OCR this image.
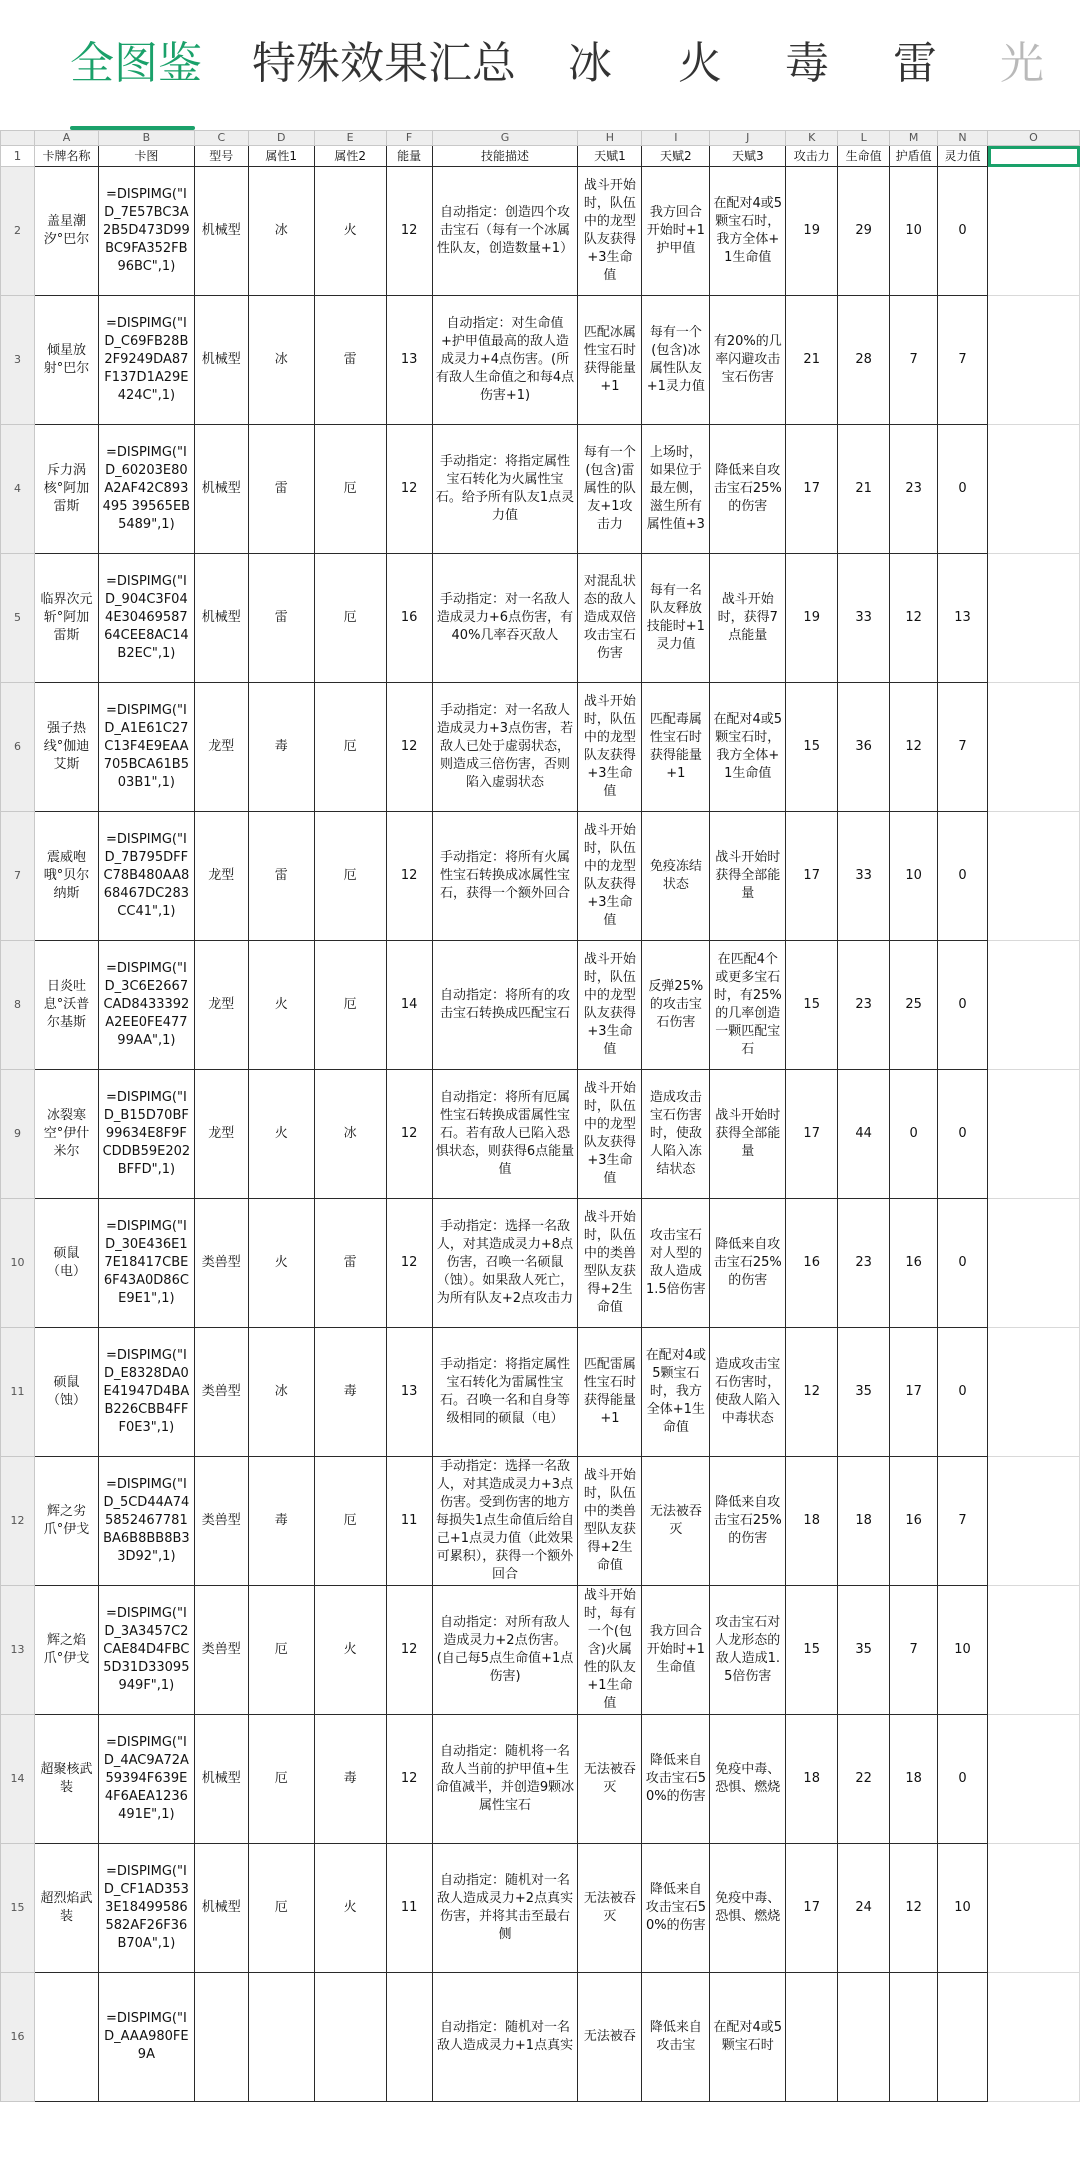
全图鉴 特殊效果汇总 冰 火 毒 雷 光
	A	B	C	D	E	F	G	H	I	J	K	L	M	N	O
1	卡牌名称	卡图	型号	属性1	属性2	能量	技能描述	天赋1	天赋2	天赋3	攻击力	生命值	护盾值	灵力值	
2	盖星潮汐°巴尔	=DISPIMG("ID_7E57BC3A2B5D473D99BC9FA352FB96BC",1)	机械型	冰	火	12	自动指定：创造四个攻击宝石（每有一个冰属性队友，创造数量+1）	战斗开始时，队伍中的龙型队友获得+3生命值	我方回合开始时+1护甲值	在配对4或5颗宝石时，我方全体+1生命值	19	29	10	0	
3	倾星放射°巴尔	=DISPIMG("ID_C69FB28B2F9249DA87F137D1A29E424C",1)	机械型	冰	雷	13	自动指定：对生命值+护甲值最高的敌人造成灵力+4点伤害。(所有敌人生命值之和每4点伤害+1)	匹配冰属性宝石时获得能量+1	每有一个(包含)冰属性队友+1灵力值	有20%的几率闪避攻击宝石伤害	21	28	7	7	
4	斥力涡核°阿加雷斯	=DISPIMG("ID_60203E80A2AF42C893495 39565EB5489",1)	机械型	雷	厄	12	手动指定：将指定属性宝石转化为火属性宝石。给予所有队友1点灵力值	每有一个(包含)雷属性的队友+1攻击力	上场时，如果位于最左侧，滋生所有属性值+3	降低来自攻击宝石25%的伤害	17	21	23	0	
5	临界次元斩°阿加雷斯	=DISPIMG("ID_904C3F044E3046958764CEE8AC14B2EC",1)	机械型	雷	厄	16	手动指定：对一名敌人造成灵力+6点伤害，有40%几率吞灭敌人	对混乱状态的敌人造成双倍攻击宝石伤害	每有一名队友释放技能时+1灵力值	战斗开始时，获得7点能量	19	33	12	13	
6	强子热线°伽迪艾斯	=DISPIMG("ID_A1E61C27C13F4E9EAA705BCA61B503B1",1)	龙型	毒	厄	12	手动指定：对一名敌人造成灵力+3点伤害，若敌人已处于虚弱状态，则造成三倍伤害，否则陷入虚弱状态	战斗开始时，队伍中的龙型队友获得+3生命值	匹配毒属性宝石时获得能量+1	在配对4或5颗宝石时，我方全体+1生命值	15	36	12	7	
7	震威咆哦°贝尔纳斯	=DISPIMG("ID_7B795DFFC78B480AA868467DC283CC41",1)	龙型	雷	厄	12	手动指定：将所有火属性宝石转换成冰属性宝石，获得一个额外回合	战斗开始时，队伍中的龙型队友获得+3生命值	免疫冻结状态	战斗开始时获得全部能量	17	33	10	0	
8	日炎吐息°沃普尔基斯	=DISPIMG("ID_3C6E2667CAD8433392A2EE0FE47799AA",1)	龙型	火	厄	14	自动指定：将所有的攻击宝石转换成匹配宝石	战斗开始时，队伍中的龙型队友获得+3生命值	反弹25%的攻击宝石伤害	在匹配4个或更多宝石时，有25%的几率创造一颗匹配宝石	15	23	25	0	
9	冰裂寒空°伊什米尔	=DISPIMG("ID_B15D70BF99634E8F9FCDDB59E202BFFD",1)	龙型	火	冰	12	自动指定：将所有厄属性宝石转换成雷属性宝石。若有敌人已陷入恐惧状态，则获得6点能量值	战斗开始时，队伍中的龙型队友获得+3生命值	造成攻击宝石伤害时，使敌人陷入冻结状态	战斗开始时获得全部能量	17	44	0	0	
10	硕鼠（电）	=DISPIMG("ID_30E436E17E18417CBE6F43A0D86CE9E1",1)	类兽型	火	雷	12	手动指定：选择一名敌人，对其造成灵力+8点伤害，召唤一名硕鼠（蚀）。如果敌人死亡，为所有队友+2点攻击力	战斗开始时，队伍中的类兽型队友获得+2生命值	攻击宝石对人型的敌人造成1.5倍伤害	降低来自攻击宝石25%的伤害	16	23	16	0	
11	硕鼠（蚀）	=DISPIMG("ID_E8328DA0E41947D4BAB226CBB4FFF0E3",1)	类兽型	冰	毒	13	手动指定：将指定属性宝石转化为雷属性宝石。召唤一名和自身等级相同的硕鼠（电）	匹配雷属性宝石时获得能量+1	在配对4或5颗宝石时，我方全体+1生命值	造成攻击宝石伤害时，使敌人陷入中毒状态	12	35	17	0	
12	辉之劣爪°伊戈	=DISPIMG("ID_5CD44A745852467781BA6B8BB8B33D92",1)	类兽型	毒	厄	11	手动指定：选择一名敌人，对其造成灵力+3点伤害。受到伤害的地方每损失1点生命值后给自己+1点灵力值（此效果可累积），获得一个额外回合	战斗开始时，队伍中的类兽型队友获得+2生命值	无法被吞灭	降低来自攻击宝石25%的伤害	18	18	16	7	
13	辉之焰爪°伊戈	=DISPIMG("ID_3A3457C2CAE84D4FBC5D31D33095949F",1)	类兽型	厄	火	12	自动指定：对所有敌人造成灵力+2点伤害。(自己每5点生命值+1点伤害)	战斗开始时，每有一个(包含)火属性的队友+1生命值	我方回合开始时+1生命值	攻击宝石对人龙形态的敌人造成1.5倍伤害	15	35	7	10	
14	超聚核武装	=DISPIMG("ID_4AC9A72A59394F639E4F6AEA1236491E",1)	机械型	厄	毒	12	自动指定：随机将一名敌人当前的护甲值+生命值减半，并创造9颗冰属性宝石	无法被吞灭	降低来自攻击宝石50%的伤害	免疫中毒、恐惧、燃烧	18	22	18	0	
15	超烈焰武装	=DISPIMG("ID_CF1AD3533E18499586582AF26F36B70A",1)	机械型	厄	火	11	自动指定：随机对一名敌人造成灵力+2点真实伤害，并将其击至最右侧	无法被吞灭	降低来自攻击宝石50%的伤害	免疫中毒、恐惧、燃烧	17	24	12	10	
16		=DISPIMG("ID_AAA980FE9A					自动指定：随机对一名敌人造成灵力+1点真实	无法被吞	降低来自攻击宝	在配对4或5颗宝石时					
